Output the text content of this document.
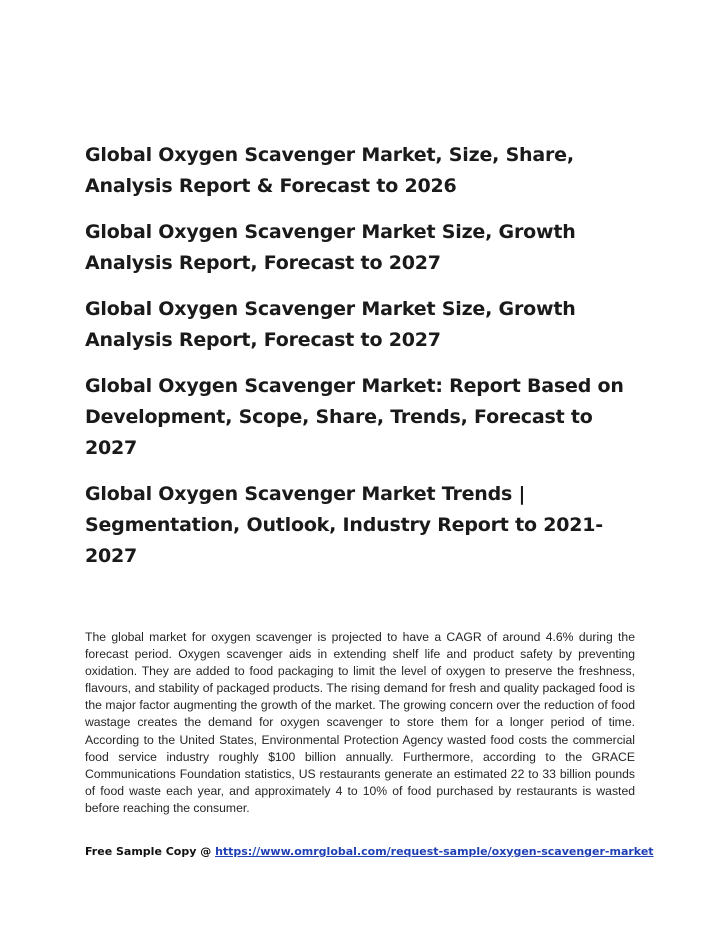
Global Oxygen Scavenger Market, Size, Share, Analysis Report & Forecast to 2026
Global Oxygen Scavenger Market Size, Growth Analysis Report, Forecast to 2027
Global Oxygen Scavenger Market Size, Growth Analysis Report, Forecast to 2027
Global Oxygen Scavenger Market: Report Based on Development, Scope, Share, Trends, Forecast to 2027
Global Oxygen Scavenger Market Trends | Segmentation, Outlook, Industry Report to 2021-2027

The global market for oxygen scavenger is projected to have a CAGR of around 4.6% during the forecast period. Oxygen scavenger aids in extending shelf life and product safety by preventing oxidation. They are added to food packaging to limit the level of oxygen to preserve the freshness, flavours, and stability of packaged products. The rising demand for fresh and quality packaged food is the major factor augmenting the growth of the market. The growing concern over the reduction of food wastage creates the demand for oxygen scavenger to store them for a longer period of time. According to the United States, Environmental Protection Agency wasted food costs the commercial food service industry roughly $100 billion annually. Furthermore, according to the GRACE Communications Foundation statistics, US restaurants generate an estimated 22 to 33 billion pounds of food waste each year, and approximately 4 to 10% of food purchased by restaurants is wasted before reaching the consumer.

Free Sample Copy @ https://www.omrglobal.com/request-sample/oxygen-scavenger-market
